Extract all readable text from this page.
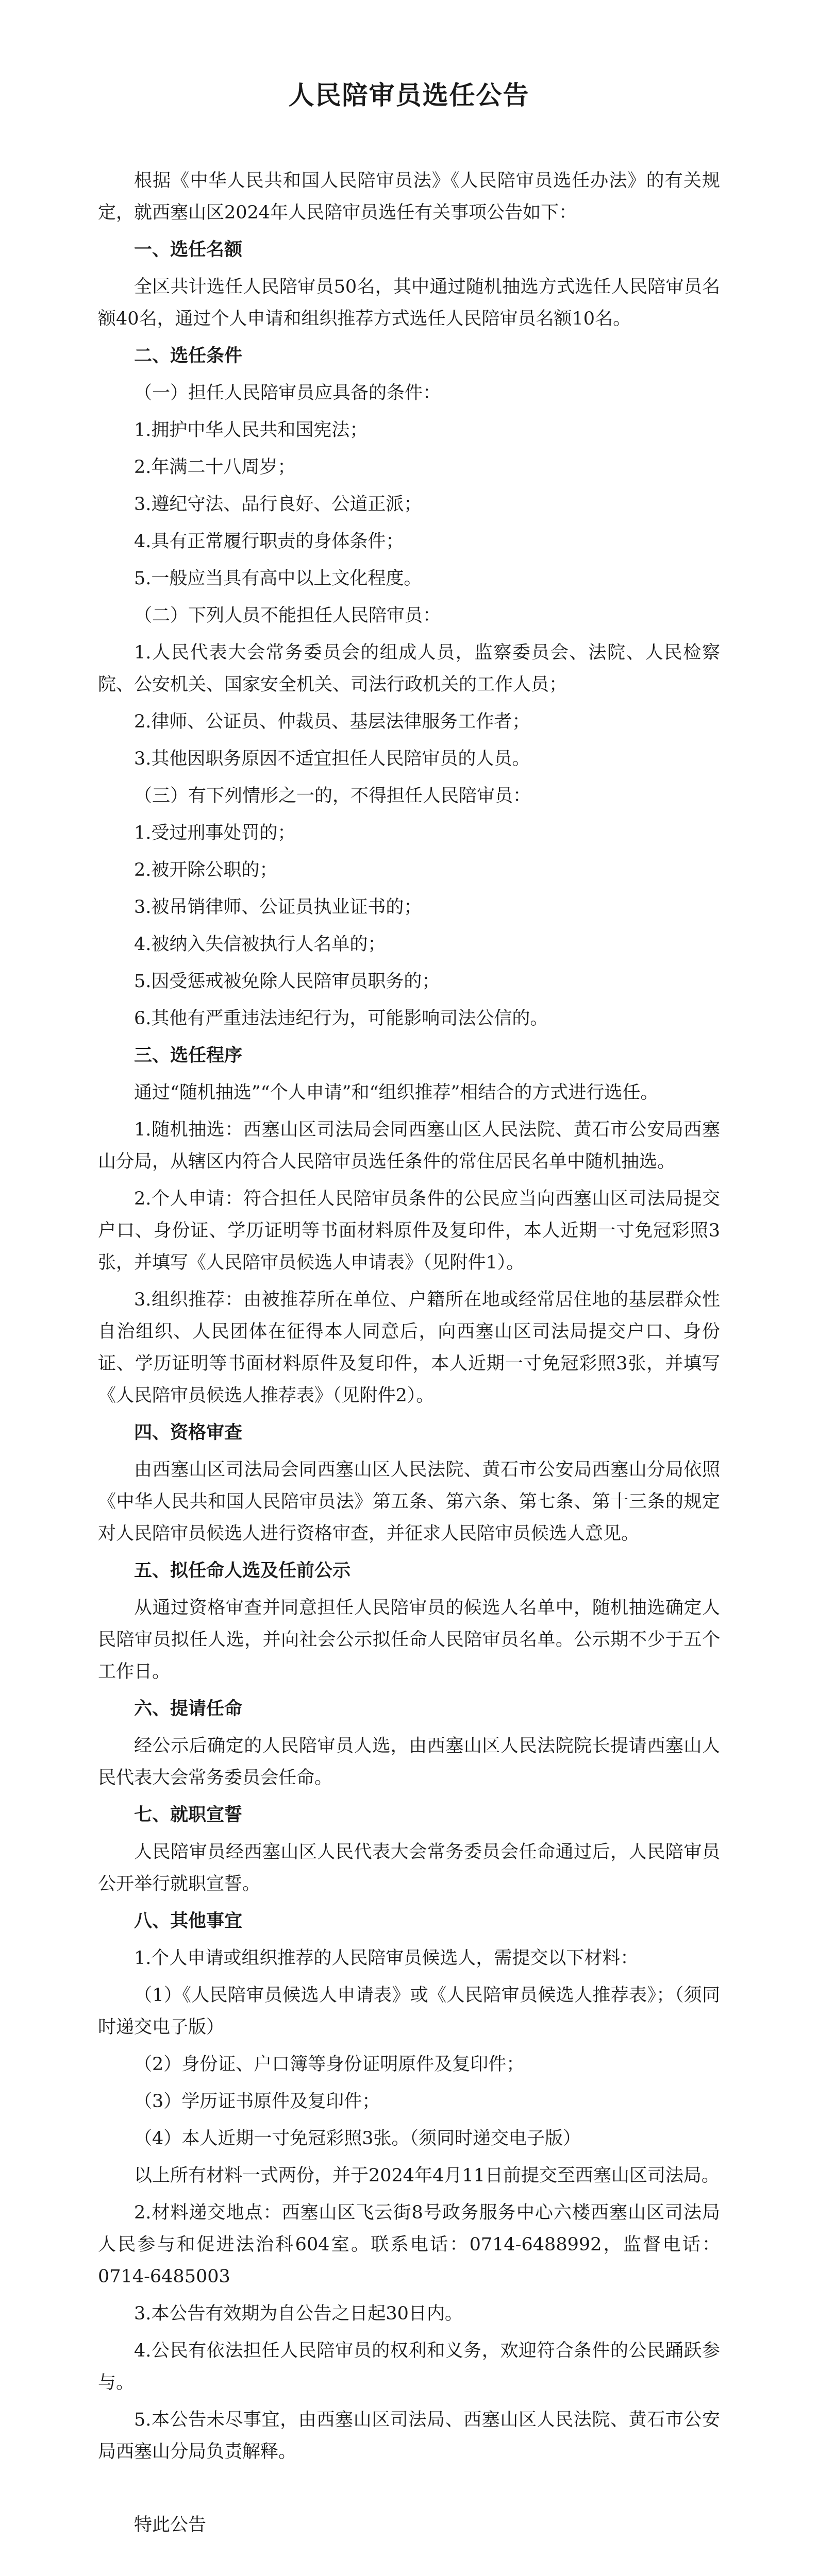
人民陪审员选任公告

根据《中华人民共和国人民陪审员法》《人民陪审员选任办法》的有关规定，就西塞山区2024年人民陪审员选任有关事项公告如下：

一、选任名额

全区共计选任人民陪审员50名，其中通过随机抽选方式选任人民陪审员名额40名，通过个人申请和组织推荐方式选任人民陪审员名额10名。

二、选任条件

（一）担任人民陪审员应具备的条件：

1.拥护中华人民共和国宪法；

2.年满二十八周岁；

3.遵纪守法、品行良好、公道正派；

4.具有正常履行职责的身体条件；

5.一般应当具有高中以上文化程度。

（二）下列人员不能担任人民陪审员：

1.人民代表大会常务委员会的组成人员，监察委员会、法院、人民检察院、公安机关、国家安全机关、司法行政机关的工作人员；

2.律师、公证员、仲裁员、基层法律服务工作者；

3.其他因职务原因不适宜担任人民陪审员的人员。

（三）有下列情形之一的，不得担任人民陪审员：

1.受过刑事处罚的；

2.被开除公职的；

3.被吊销律师、公证员执业证书的；

4.被纳入失信被执行人名单的；

5.因受惩戒被免除人民陪审员职务的；

6.其他有严重违法违纪行为，可能影响司法公信的。

三、选任程序

通过“随机抽选”“个人申请”和“组织推荐”相结合的方式进行选任。

1.随机抽选：西塞山区司法局会同西塞山区人民法院、黄石市公安局西塞山分局，从辖区内符合人民陪审员选任条件的常住居民名单中随机抽选。

2.个人申请：符合担任人民陪审员条件的公民应当向西塞山区司法局提交户口、身份证、学历证明等书面材料原件及复印件，本人近期一寸免冠彩照3张，并填写《人民陪审员候选人申请表》（见附件1）。

3.组织推荐：由被推荐所在单位、户籍所在地或经常居住地的基层群众性自治组织、人民团体在征得本人同意后，向西塞山区司法局提交户口、身份证、学历证明等书面材料原件及复印件，本人近期一寸免冠彩照3张，并填写《人民陪审员候选人推荐表》（见附件2）。

四、资格审查

由西塞山区司法局会同西塞山区人民法院、黄石市公安局西塞山分局依照《中华人民共和国人民陪审员法》第五条、第六条、第七条、第十三条的规定对人民陪审员候选人进行资格审查，并征求人民陪审员候选人意见。

五、拟任命人选及任前公示

从通过资格审查并同意担任人民陪审员的候选人名单中，随机抽选确定人民陪审员拟任人选，并向社会公示拟任命人民陪审员名单。公示期不少于五个工作日。

六、提请任命

经公示后确定的人民陪审员人选，由西塞山区人民法院院长提请西塞山人民代表大会常务委员会任命。

七、就职宣誓

人民陪审员经西塞山区人民代表大会常务委员会任命通过后，人民陪审员公开举行就职宣誓。

八、其他事宜

1.个人申请或组织推荐的人民陪审员候选人，需提交以下材料：

（1）《人民陪审员候选人申请表》或《人民陪审员候选人推荐表》；（须同时递交电子版）

（2）身份证、户口簿等身份证明原件及复印件；

（3）学历证书原件及复印件；

（4）本人近期一寸免冠彩照3张。（须同时递交电子版）

以上所有材料一式两份，并于2024年4月11日前提交至西塞山区司法局。

2.材料递交地点：西塞山区飞云街8号政务服务中心六楼西塞山区司法局人民参与和促进法治科604室。联系电话：0714-6488992，监督电话：0714-6485003

3.本公告有效期为自公告之日起30日内。

4.公民有依法担任人民陪审员的权利和义务，欢迎符合条件的公民踊跃参与。

5.本公告未尽事宜，由西塞山区司法局、西塞山区人民法院、黄石市公安局西塞山分局负责解释。

特此公告
